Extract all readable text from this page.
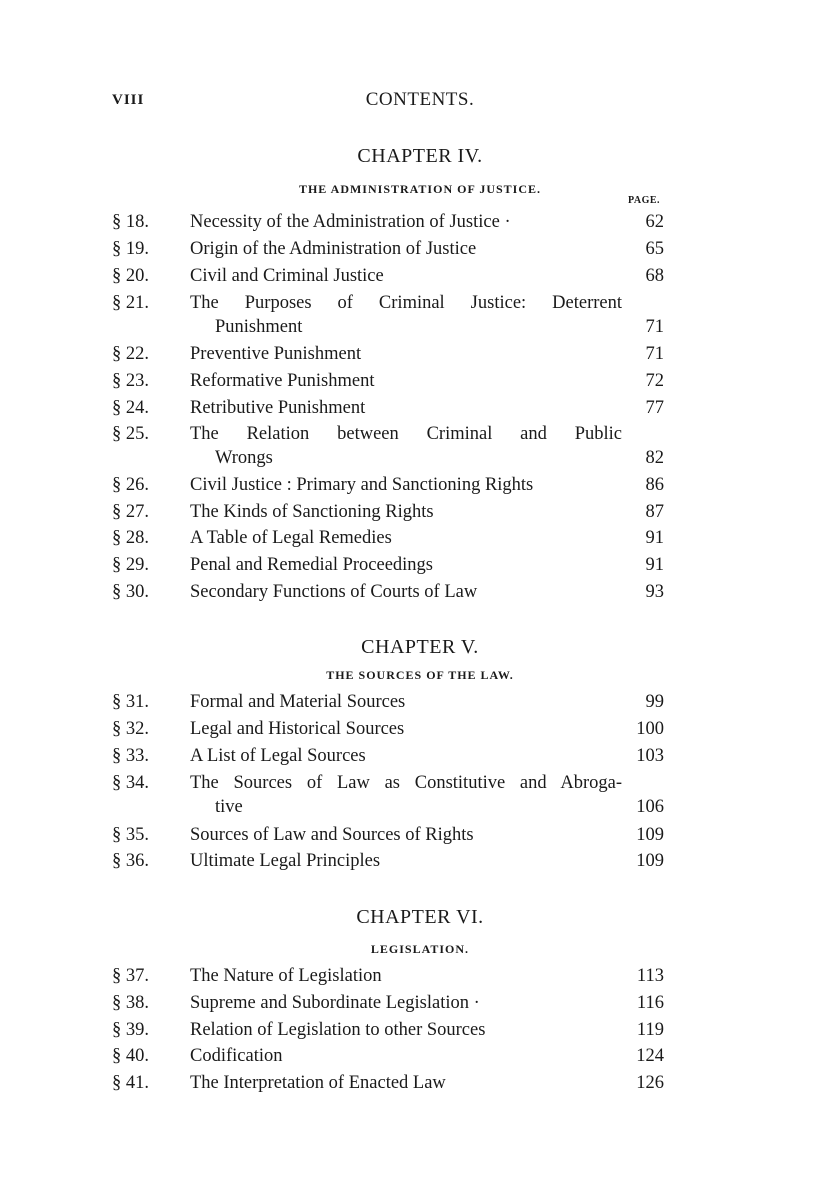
VIII	CONTENTS.
CHAPTER IV.
THE ADMINISTRATION OF JUSTICE.
PAGE.
§ 18. Necessity of the Administration of Justice ·	62
§ 19. Origin of the Administration of Justice	65
§ 20. Civil and Criminal Justice	68
§ 21. The Purposes of Criminal Justice: Deterrent
Punishment	71
§ 22. Preventive Punishment	71
§ 23. Reformative Punishment	72
§ 24. Retributive Punishment	77
§ 25. The Relation between Criminal and Public
Wrongs	82
§ 26. Civil Justice : Primary and Sanctioning Rights	86
§ 27. The Kinds of Sanctioning Rights	87
§ 28. A Table of Legal Remedies	91
§ 29. Penal and Remedial Proceedings	91
§ 30. Secondary Functions of Courts of Law	93
CHAPTER V.
THE SOURCES OF THE LAW.
§ 31. Formal and Material Sources	99
§ 32. Legal and Historical Sources	100
§ 33. A List of Legal Sources	103
§ 34. The Sources of Law as Constitutive and Abroga-
tive	106
§ 35. Sources of Law and Sources of Rights	109
§ 36. Ultimate Legal Principles	109
CHAPTER VI.
LEGISLATION.
§ 37. The Nature of Legislation	113
§ 38. Supreme and Subordinate Legislation ·	116
§ 39. Relation of Legislation to other Sources	119
§ 40. Codification	124
§ 41. The Interpretation of Enacted Law	126
